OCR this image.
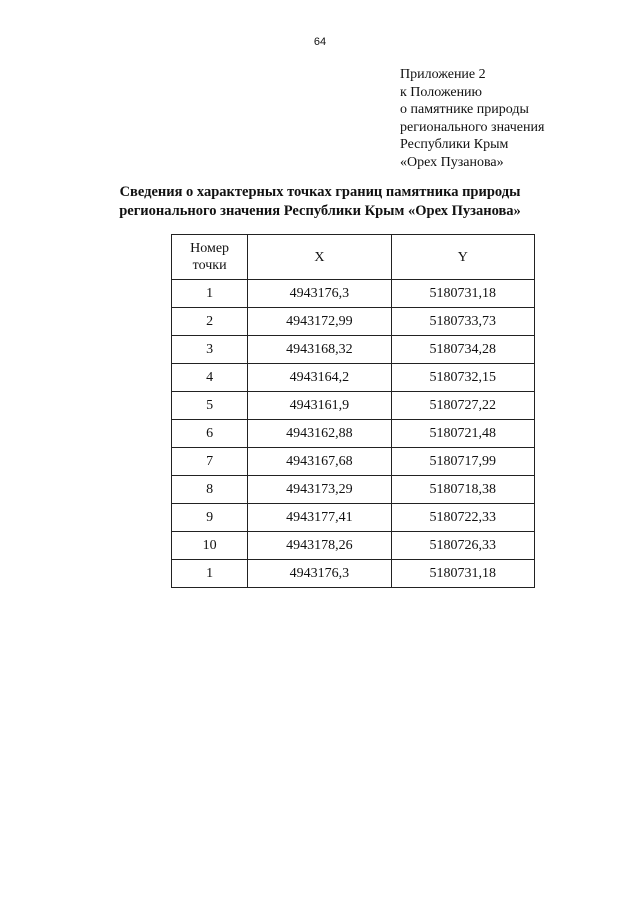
64
Приложение 2
к Положению
о памятнике природы
регионального значения
Республики Крым
«Орех Пузанова»
Сведения о характерных точках границ памятника природы
регионального значения Республики Крым «Орех Пузанова»
Номер
точки	X	Y
1	4943176,3	5180731,18
2	4943172,99	5180733,73
3	4943168,32	5180734,28
4	4943164,2	5180732,15
5	4943161,9	5180727,22
6	4943162,88	5180721,48
7	4943167,68	5180717,99
8	4943173,29	5180718,38
9	4943177,41	5180722,33
10	4943178,26	5180726,33
1	4943176,3	5180731,18
